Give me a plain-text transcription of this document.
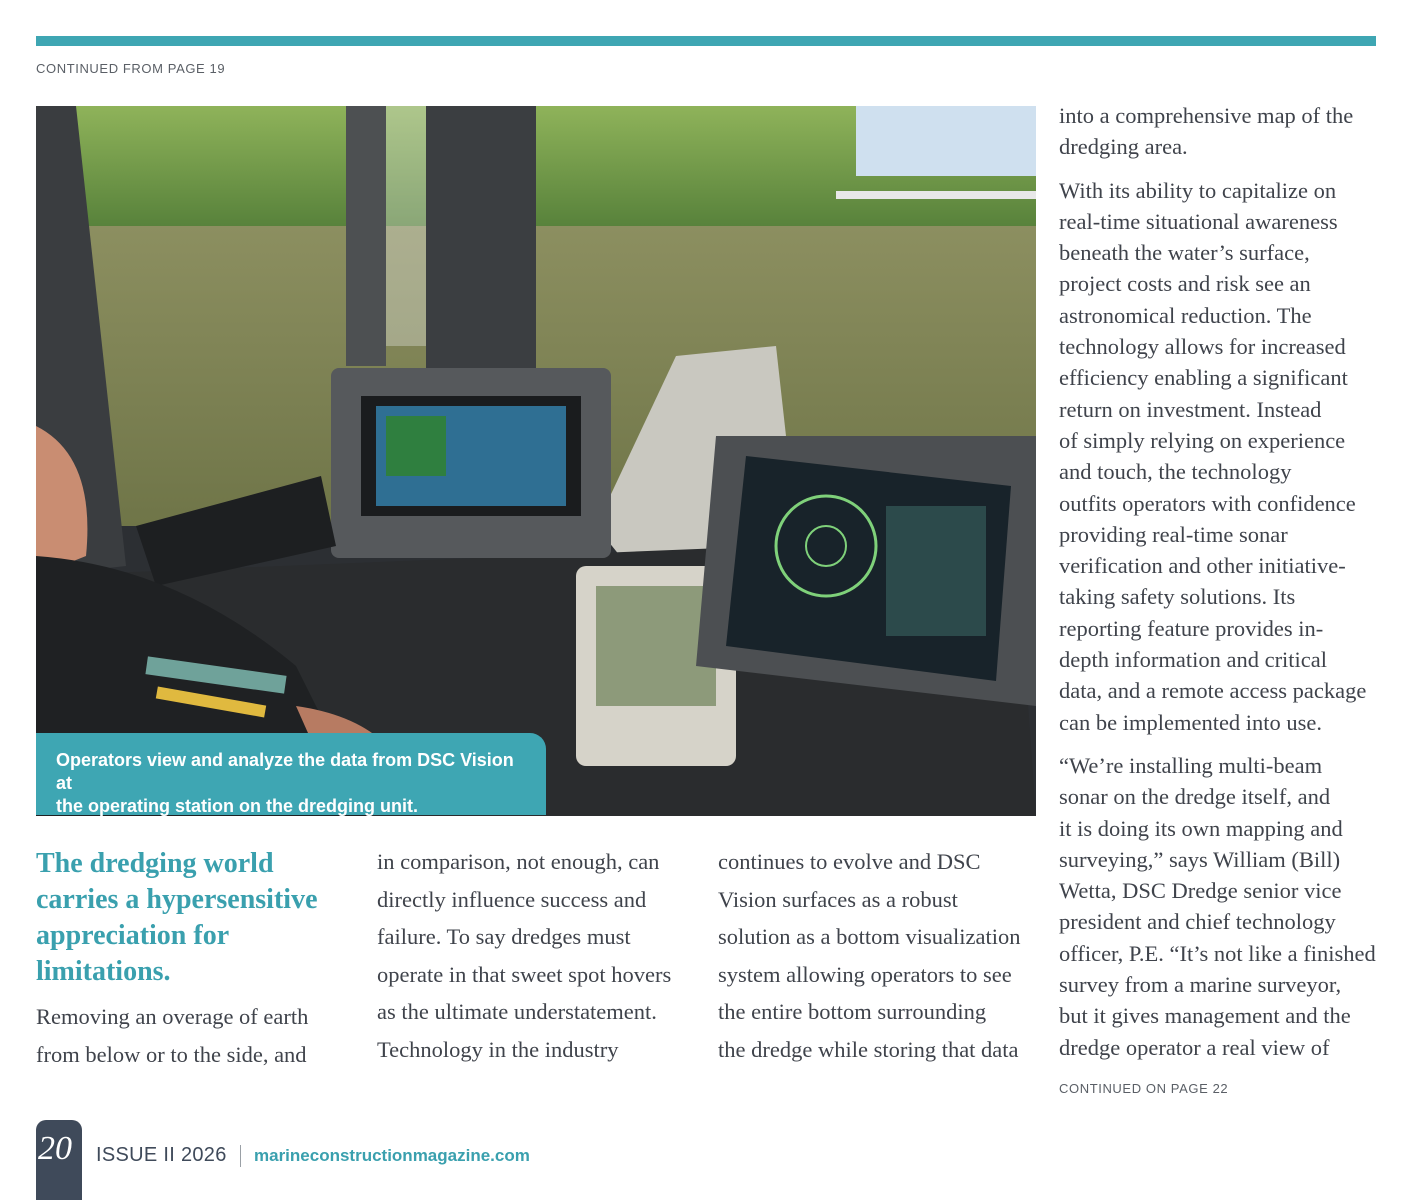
CONTINUED FROM PAGE 19
Operators view and analyze the data from DSC Vision at
the operating station on the dredging unit.
The dredging world
carries a hypersensitive
appreciation for
limitations.
Removing an overage of earth
from below or to the side, and
in comparison, not enough, can
directly influence success and
failure. To say dredges must
operate in that sweet spot hovers
as the ultimate understatement.
Technology in the industry
continues to evolve and DSC
Vision surfaces as a robust
solution as a bottom visualization
system allowing operators to see
the entire bottom surrounding
the dredge while storing that data
into a comprehensive map of the
dredging area.
With its ability to capitalize on
real-time situational awareness
beneath the water’s surface,
project costs and risk see an
astronomical reduction. The
technology allows for increased
efficiency enabling a significant
return on investment. Instead
of simply relying on experience
and touch, the technology
outfits operators with confidence
providing real-time sonar
verification and other initiative-
taking safety solutions. Its
reporting feature provides in-
depth information and critical
data, and a remote access package
can be implemented into use.
“We’re installing multi-beam
sonar on the dredge itself, and
it is doing its own mapping and
surveying,” says William (Bill)
Wetta, DSC Dredge senior vice
president and chief technology
officer, P.E. “It’s not like a finished
survey from a marine surveyor,
but it gives management and the
dredge operator a real view of
CONTINUED ON PAGE 22
20 ISSUE II 2026 marineconstructionmagazine.com
